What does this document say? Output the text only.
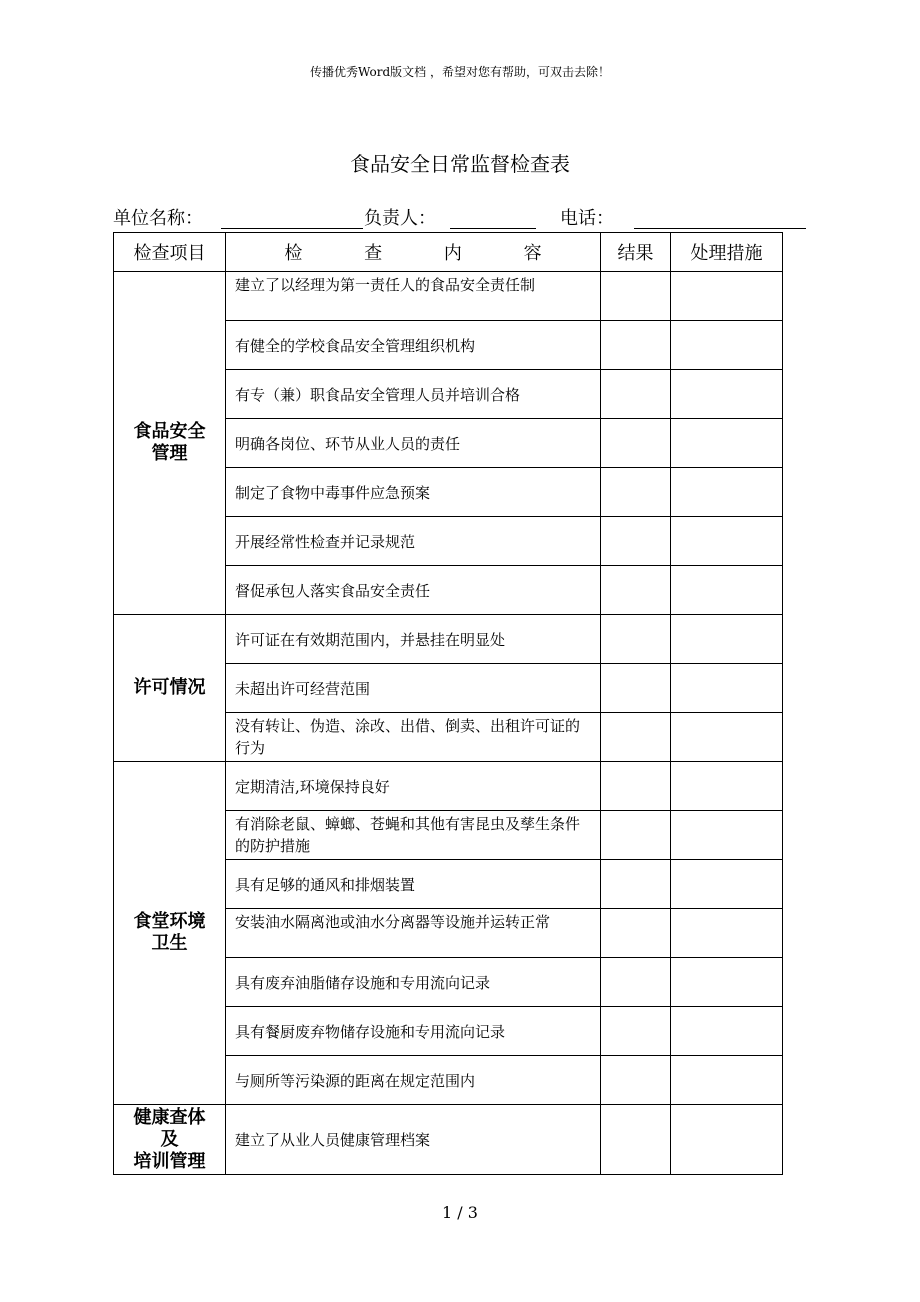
传播优秀Word版文档 ，希望对您有帮助，可双击去除！
食品安全日常监督检查表
单位名称：	负责人：	电话：
检查项目	检 查 内 容	结果	处理措施
食品安全
管理	建立了以经理为第一责任人的食品安全责任制		
	有健全的学校食品安全管理组织机构		
	有专（兼）职食品安全管理人员并培训合格		
	明确各岗位、环节从业人员的责任		
	制定了食物中毒事件应急预案		
	开展经常性检查并记录规范		
	督促承包人落实食品安全责任		
许可情况	许可证在有效期范围内，并悬挂在明显处		
	未超出许可经营范围		
	没有转让、伪造、涂改、出借、倒卖、出租许可证的行为		
食堂环境
卫生	定期清洁,环境保持良好		
	有消除老鼠、蟑螂、苍蝇和其他有害昆虫及孳生条件的防护措施		
	具有足够的通风和排烟装置		
	安装油水隔离池或油水分离器等设施并运转正常		
	具有废弃油脂储存设施和专用流向记录		
	具有餐厨废弃物储存设施和专用流向记录		
	与厕所等污染源的距离在规定范围内		
健康查体
及
培训管理	建立了从业人员健康管理档案		
1 / 3
